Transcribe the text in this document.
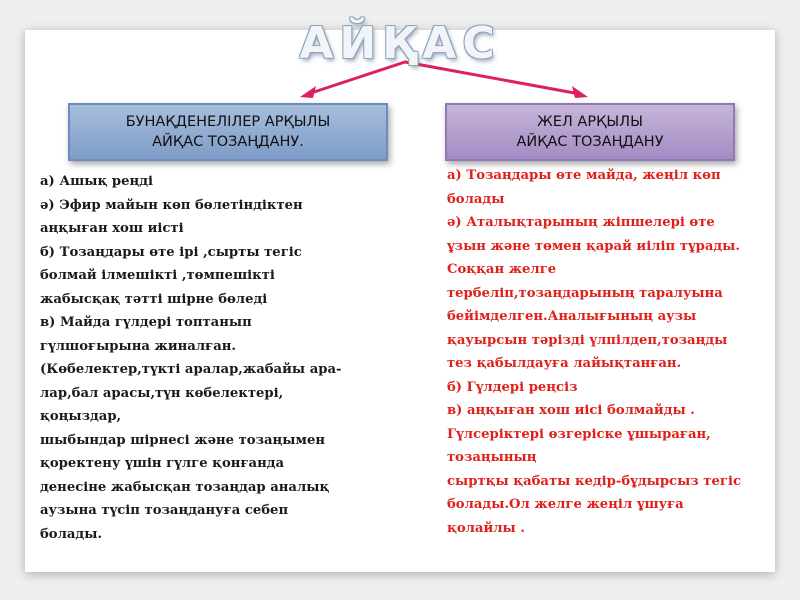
АЙҚАС
БУНАҚДЕНЕЛІЛЕР АРҚЫЛЫ
АЙҚАС ТОЗАҢДАНУ.
ЖЕЛ АРҚЫЛЫ
АЙҚАС ТОЗАҢДАНУ
а) Ашық реңді
ә) Эфир майын көп бөлетіндіктен
аңқыған хош иісті
б) Тозаңдары өте ірі ,сырты тегіс
болмай ілмешікті ,төмпешікті
жабысқақ тәтті шірне бөледі
в) Майда гүлдері топтанып
гүлшоғырына жиналған.
(Көбелектер,түкті аралар,жабайы ара-
лар,бал арасы,түн көбелектері,
қоңыздар,
шыбындар шірнесі және тозаңымен
қоректену үшін гүлге қонғанда
денесіне жабысқан тозаңдар аналық
аузына түсіп тозаңдануға себеп
болады.
а) Тозаңдары өте майда, жеңіл көп
болады
ә) Аталықтарының жіпшелері өте
ұзын және төмен қарай иіліп тұрады.
Соққан желге
тербеліп,тозаңдарының таралуына
бейімделген.Аналығының аузы
қауырсын тәрізді үлпілдеп,тозаңды
тез қабылдауға лайықтанған.
б) Гүлдері реңсіз
в) аңқыған хош иісі болмайды .
Гүлсеріктері өзгеріске ұшыраған,
тозаңының
сыртқы қабаты кедір-бұдырсыз тегіс
болады.Ол желге жеңіл ұшуға
қолайлы .
